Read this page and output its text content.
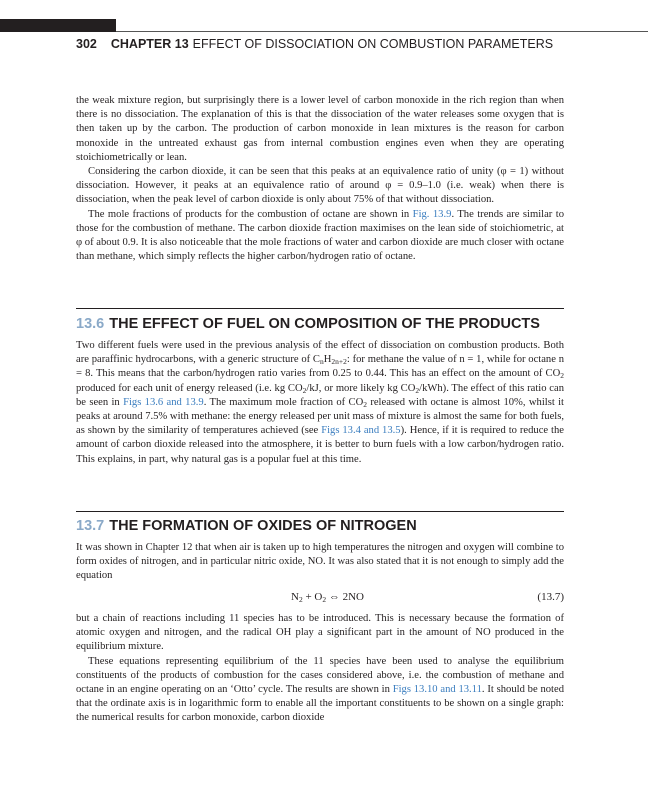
302 CHAPTER 13 EFFECT OF DISSOCIATION ON COMBUSTION PARAMETERS

the weak mixture region, but surprisingly there is a lower level of carbon monoxide in the rich region than when there is no dissociation. The explanation of this is that the dissociation of the water releases some oxygen that is then taken up by the carbon. The production of carbon monoxide in lean mixtures is the reason for carbon monoxide in the untreated exhaust gas from internal combustion engines even when they are operating stoichiometrically or lean.

Considering the carbon dioxide, it can be seen that this peaks at an equivalence ratio of unity (φ = 1) without dissociation. However, it peaks at an equivalence ratio of around φ = 0.9–1.0 (i.e. weak) when there is dissociation, when the peak level of carbon dioxide is only about 75% of that without dissociation.

The mole fractions of products for the combustion of octane are shown in Fig. 13.9. The trends are similar to those for the combustion of methane. The carbon dioxide fraction maximises on the lean side of stoichiometric, at φ of about 0.9. It is also noticeable that the mole fractions of water and carbon dioxide are much closer with octane than methane, which simply reflects the higher carbon/hydrogen ratio of octane.

13.6 THE EFFECT OF FUEL ON COMPOSITION OF THE PRODUCTS

Two different fuels were used in the previous analysis of the effect of dissociation on combustion products. Both are paraffinic hydrocarbons, with a generic structure of $C_nH_{2n+2}$: for methane the value of n = 1, while for octane n = 8. This means that the carbon/hydrogen ratio varies from 0.25 to 0.44. This has an effect on the amount of $CO_2$ produced for each unit of energy released (i.e. kg $CO_2/kJ$, or more likely kg $CO_2/kWh$). The effect of this ratio can be seen in Figs 13.6 and 13.9. The maximum mole fraction of $CO_2$ released with octane is almost 10%, whilst it peaks at around 7.5% with methane: the energy released per unit mass of mixture is almost the same for both fuels, as shown by the similarity of temperatures achieved (see Figs 13.4 and 13.5). Hence, if it is required to reduce the amount of carbon dioxide released into the atmosphere, it is better to burn fuels with a low carbon/hydrogen ratio. This explains, in part, why natural gas is a popular fuel at this time.

13.7 THE FORMATION OF OXIDES OF NITROGEN

It was shown in Chapter 12 that when air is taken up to high temperatures the nitrogen and oxygen will combine to form oxides of nitrogen, and in particular nitric oxide, NO. It was also stated that it is not enough to simply add the equation

$N_2 + O_2$ ⇔ 2NO	(13.7)

but a chain of reactions including 11 species has to be introduced. This is necessary because the formation of atomic oxygen and nitrogen, and the radical OH play a significant part in the amount of NO produced in the equilibrium mixture.

These equations representing equilibrium of the 11 species have been used to analyse the equilibrium constituents of the products of combustion for the cases considered above, i.e. the combustion of methane and octane in an engine operating on an ‘Otto’ cycle. The results are shown in Figs 13.10 and 13.11. It should be noted that the ordinate axis is in logarithmic form to enable all the important constituents to be shown on a single graph: the numerical results for carbon monoxide, carbon dioxide
